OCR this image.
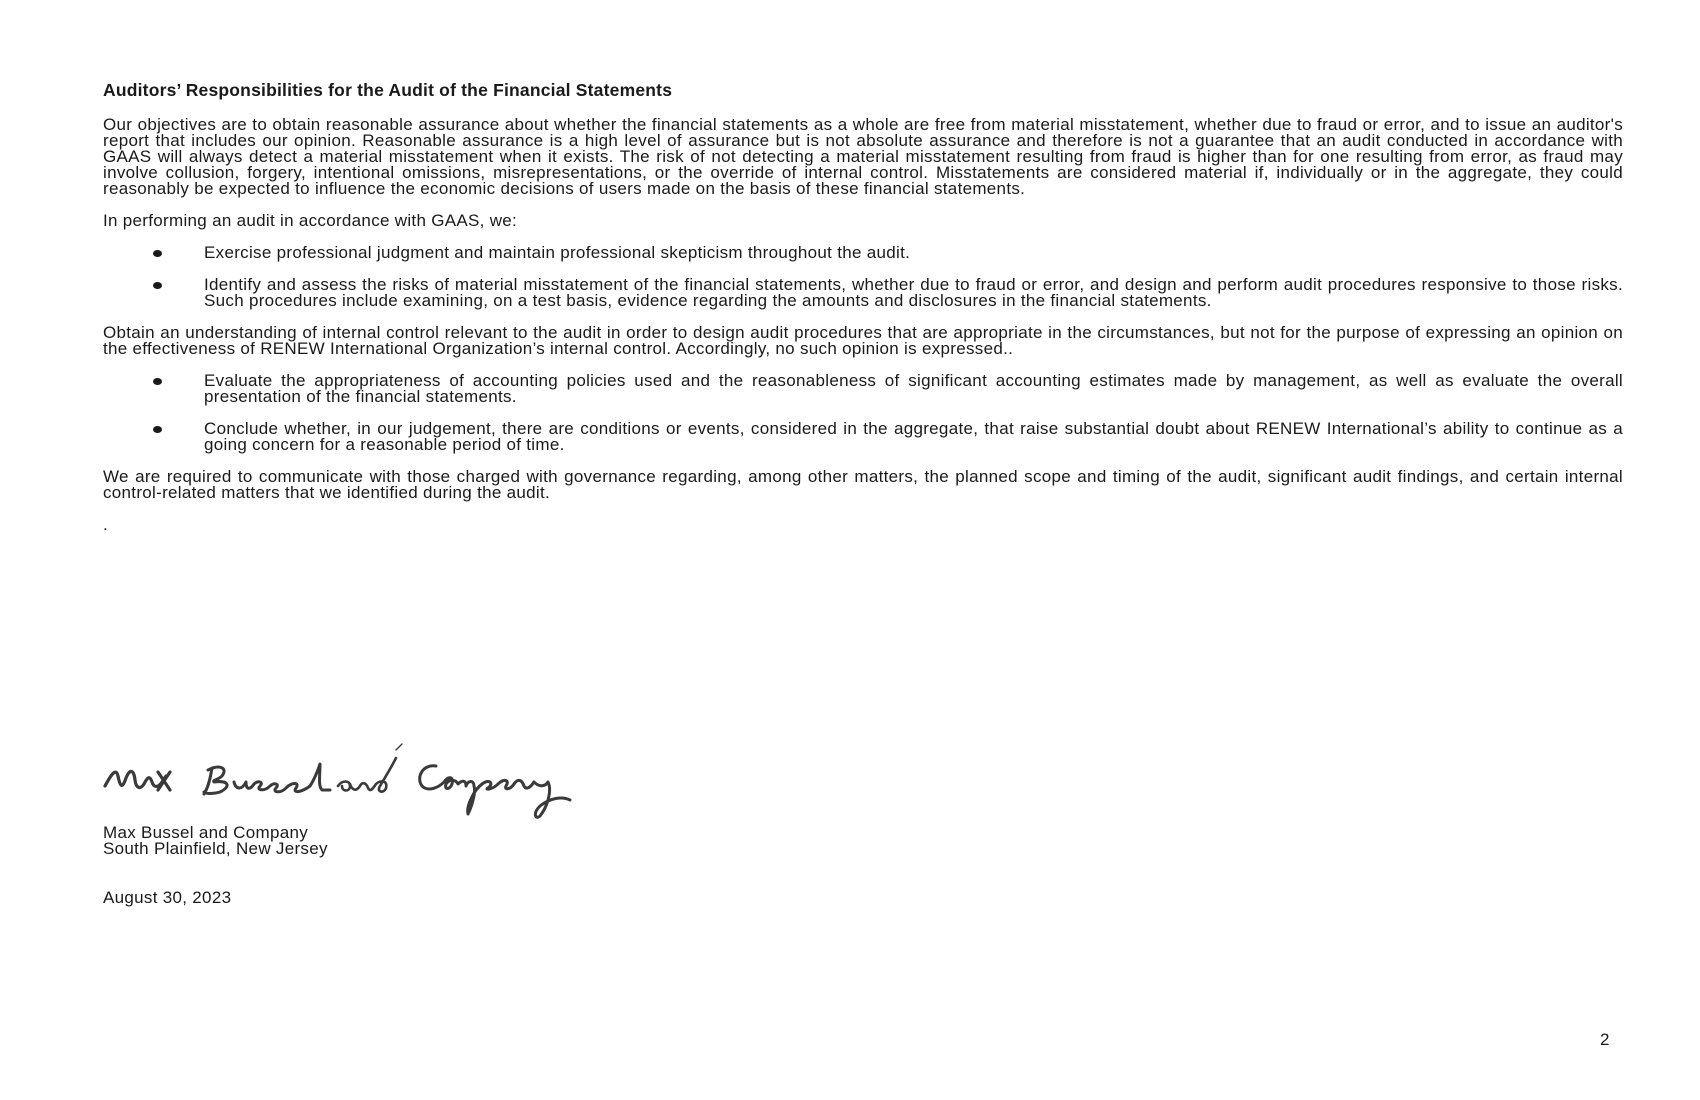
Auditors’ Responsibilities for the Audit of the Financial Statements

Our objectives are to obtain reasonable assurance about whether the financial statements as a whole are free from material misstatement, whether due to fraud or error, and to issue an auditor's report that includes our opinion. Reasonable assurance is a high level of assurance but is not absolute assurance and therefore is not a guarantee that an audit conducted in accordance with GAAS will always detect a material misstatement when it exists. The risk of not detecting a material misstatement resulting from fraud is higher than for one resulting from error, as fraud may involve collusion, forgery, intentional omissions, misrepresentations, or the override of internal control. Misstatements are considered material if, individually or in the aggregate, they could reasonably be expected to influence the economic decisions of users made on the basis of these financial statements.

In performing an audit in accordance with GAAS, we:

Exercise professional judgment and maintain professional skepticism throughout the audit.
Identify and assess the risks of material misstatement of the financial statements, whether due to fraud or error, and design and perform audit procedures responsive to those risks. Such procedures include examining, on a test basis, evidence regarding the amounts and disclosures in the financial statements.

Obtain an understanding of internal control relevant to the audit in order to design audit procedures that are appropriate in the circumstances, but not for the purpose of expressing an opinion on the effectiveness of RENEW International Organization’s internal control. Accordingly, no such opinion is expressed..

Evaluate the appropriateness of accounting policies used and the reasonableness of significant accounting estimates made by management, as well as evaluate the overall presentation of the financial statements.
Conclude whether, in our judgement, there are conditions or events, considered in the aggregate, that raise substantial doubt about RENEW International’s ability to continue as a going concern for a reasonable period of time.

We are required to communicate with those charged with governance regarding, among other matters, the planned scope and timing of the audit, significant audit findings, and certain internal control-related matters that we identified during the audit.

.
Max Bussel and Company
Max Bussel and Company
South Plainfield, New Jersey
August 30, 2023
2
